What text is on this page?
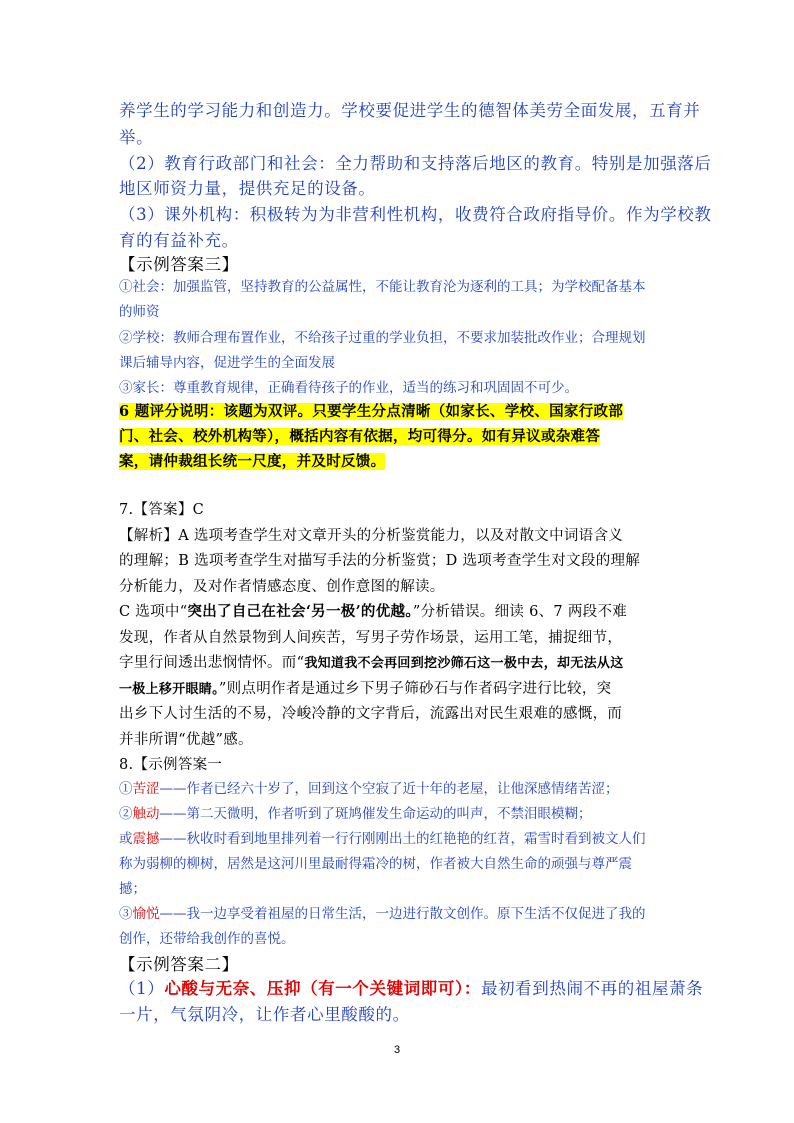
养学生的学习能力和创造力。学校要促进学生的德智体美劳全面发展，五育并
举。
（2）教育行政部门和社会：全力帮助和支持落后地区的教育。特别是加强落后
地区师资力量，提供充足的设备。
（3）课外机构：积极转为为非营利性机构，收费符合政府指导价。作为学校教
育的有益补充。
【示例答案三】
①社会：加强监管，坚持教育的公益属性，不能让教育沦为逐利的工具；为学校配备基本
的师资
②学校：教师合理布置作业，不给孩子过重的学业负担，不要求加装批改作业；合理规划
课后辅导内容，促进学生的全面发展
③家长：尊重教育规律，正确看待孩子的作业，适当的练习和巩固固不可少。
6 题评分说明：该题为双评。只要学生分点清晰（如家长、学校、国家行政部
门、社会、校外机构等），概括内容有依据，均可得分。如有异议或杂难答
案，请仲裁组长统一尺度，并及时反馈。
7.【答案】C
【解析】A 选项考查学生对文章开头的分析鉴赏能力，以及对散文中词语含义
的理解；B 选项考查学生对描写手法的分析鉴赏；D 选项考查学生对文段的理解
分析能力，及对作者情感态度、创作意图的解读。
C 选项中“突出了自己在社会‘另一极’的优越。”分析错误。细读 6、7 两段不难
发现，作者从自然景物到人间疾苦，写男子劳作场景，运用工笔，捕捉细节，
字里行间透出悲悯情怀。而“我知道我不会再回到挖沙筛石这一极中去，却无法从这
一极上移开眼睛。”则点明作者是通过乡下男子筛砂石与作者码字进行比较，突
出乡下人讨生活的不易，冷峻冷静的文字背后，流露出对民生艰难的感慨，而
并非所谓“优越”感。
8.【示例答案一
①苦涩——作者已经六十岁了，回到这个空寂了近十年的老屋，让他深感情绪苦涩；
②触动——第二天微明，作者听到了斑鸠催发生命运动的叫声，不禁泪眼模糊；
或震撼——秋收时看到地里排列着一行行刚刚出土的红艳艳的红苕，霜雪时看到被文人们
称为弱柳的柳树，居然是这河川里最耐得霜冷的树，作者被大自然生命的顽强与尊严震
撼；
③愉悦——我一边享受着祖屋的日常生活，一边进行散文创作。原下生活不仅促进了我的
创作，还带给我创作的喜悦。
【示例答案二】
（1）心酸与无奈、压抑（有一个关键词即可）：最初看到热闹不再的祖屋萧条
一片，气氛阴冷，让作者心里酸酸的。
3
